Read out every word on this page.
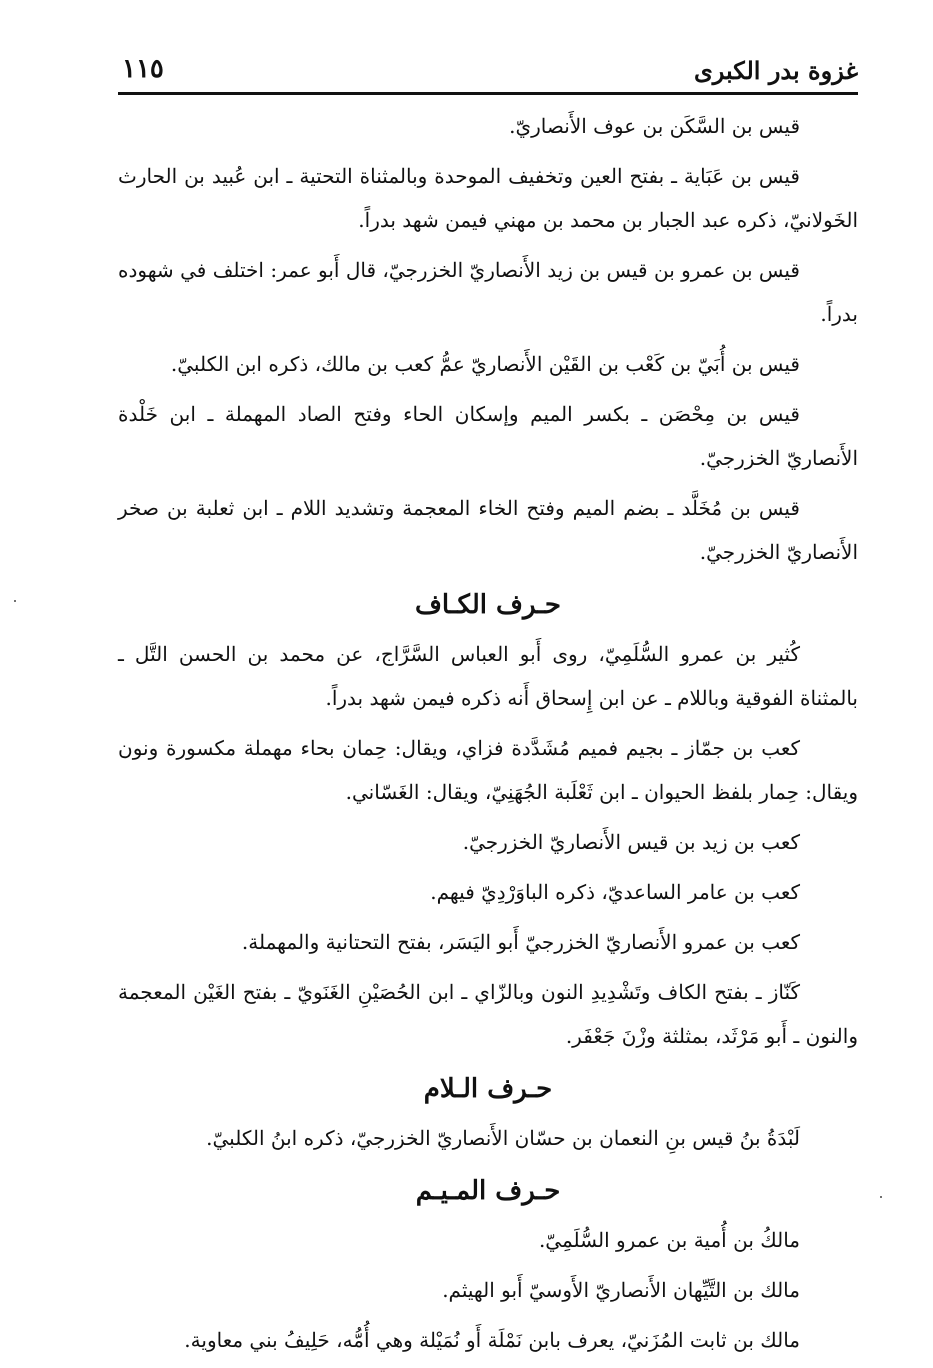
غزوة بدر الكبرى
١١٥

قيس بن السَّكَن بن عوف الأَنصاريّ.

قيس بن عَبَاية ـ بفتح العين وتخفيف الموحدة وبالمثناة التحتية ـ ابن عُبيد بن الحارث الخَولانيّ، ذكره عبد الجبار بن محمد بن مهني فيمن شهد بدراً.

قيس بن عمرو بن قيس بن زيد الأَنصاريّ الخزرجيّ، قال أَبو عمر: اختلف في شهوده بدراً.

قيس بن أُبَيّ بن كَعْب بن القَيْن الأَنصاريّ عمُّ كعب بن مالك، ذكره ابن الكلبيّ.

قيس بن مِحْصَن ـ بكسر الميم وإسكان الحاء وفتح الصاد المهملة ـ ابن خَلْدة الأَنصاريّ الخزرجيّ.

قيس بن مُخَلَّد ـ بضم الميم وفتح الخاء المعجمة وتشديد اللام ـ ابن ثعلبة بن صخر الأَنصاريّ الخزرجيّ.

حـرف الكـاف

كُثير بن عمرو السُّلَمِيّ، روى أَبو العباس السَّرَّاج، عن محمد بن الحسن التَّل ـ بالمثناة الفوقية وباللام ـ عن ابن إِسحاق أَنه ذكره فيمن شهد بدراً.

كعب بن جمّاز ـ بجيم فميم مُشَدَّدة فزاي، ويقال: حِمان بحاء مهملة مكسورة ونون ويقال: حِمار بلفظ الحيوان ـ ابن ثَعْلَبة الجُهَنِيّ، ويقال: الغَسّاني.

كعب بن زيد بن قيس الأَنصاريّ الخزرجيّ.

كعب بن عامر الساعديّ، ذكره الباوَرْدِيّ فيهم.

كعب بن عمرو الأَنصاريّ الخزرجيّ أَبو اليَسَر، بفتح التحتانية والمهملة.

كَنّاز ـ بفتح الكاف وتَشْدِيدِ النون وبالزّاي ـ ابن الحُصَيْنِ الغَنَويّ ـ بفتح الغَيْن المعجمة والنون ـ أَبو مَرْثَد، بمثلثة وزْنَ جَعْفَر.

حـرف الـلام

لَبْدَةُ بنُ قيس بنِ النعمان بن حسّان الأَنصاريّ الخزرجيّ، ذكره ابنُ الكلبيّ.

حـرف المـيـم

مالكُ بن أُمية بن عمرو السُّلَمِيّ.

مالك بن التَّيِّهان الأَنصاريّ الأَوسيّ أَبو الهيثم.

مالك بن ثابت المُزَنيّ، يعرف بابن نَمْلَة أَو نُمَيْلة وهي أُمُّه، حَلِيفُ بني معاوية.
